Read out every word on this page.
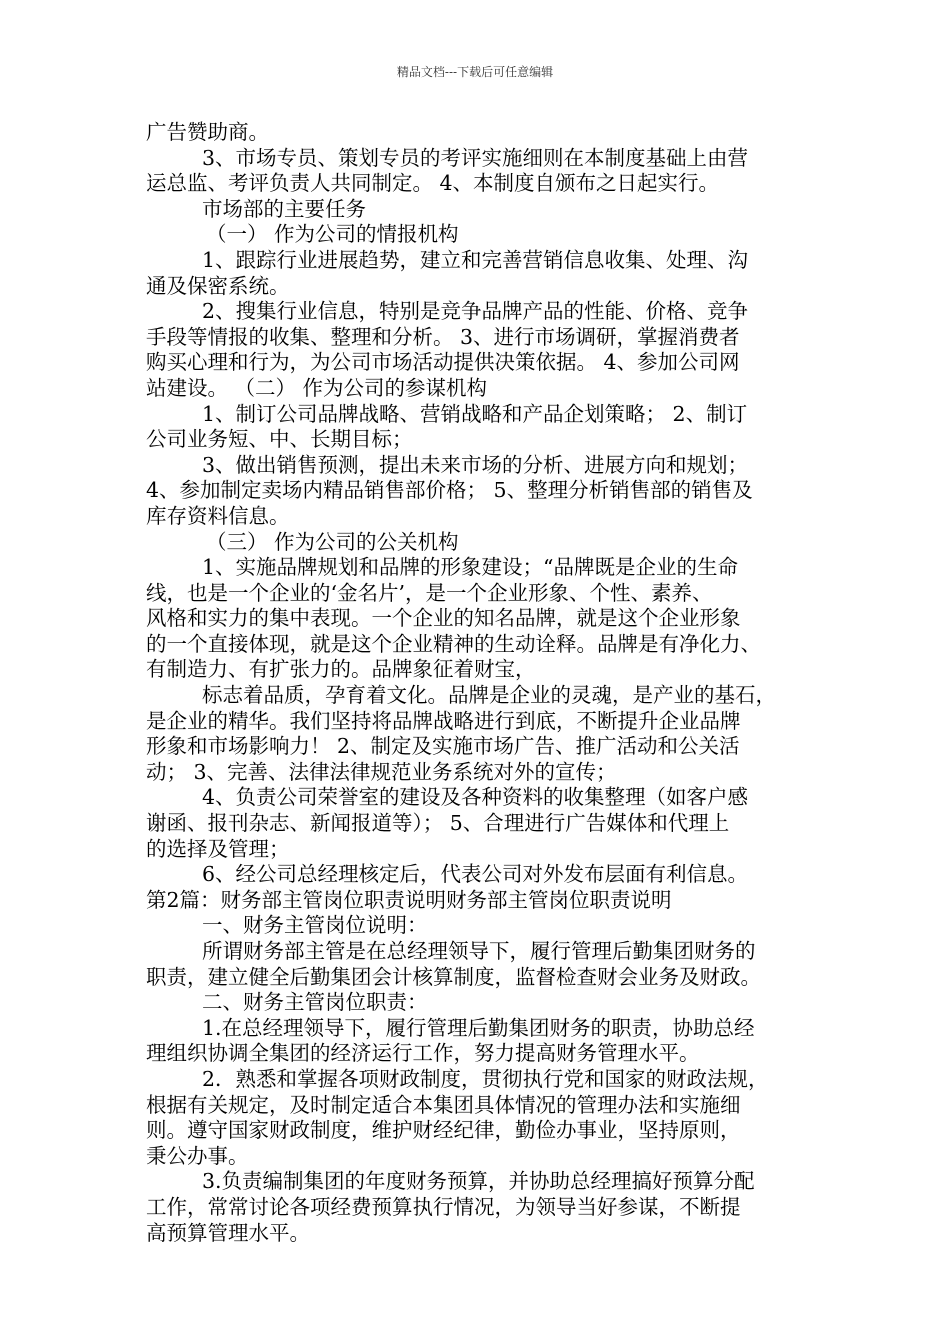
精品文档---下载后可任意编辑
广告赞助商。
3、市场专员、策划专员的考评实施细则在本制度基础上由营
运总监、考评负责人共同制定。 4、本制度自颁布之日起实行。
市场部的主要任务
（一） 作为公司的情报机构
1、跟踪行业进展趋势，建立和完善营销信息收集、处理、沟
通及保密系统。
2、搜集行业信息，特别是竞争品牌产品的性能、价格、竞争
手段等情报的收集、整理和分析。 3、进行市场调研，掌握消费者
购买心理和行为，为公司市场活动提供决策依据。 4、参加公司网
站建设。 （二） 作为公司的参谋机构
1、制订公司品牌战略、营销战略和产品企划策略； 2、制订
公司业务短、中、长期目标；
3、做出销售预测，提出未来市场的分析、进展方向和规划；
4、参加制定卖场内精品销售部价格； 5、整理分析销售部的销售及
库存资料信息。
（三） 作为公司的公关机构
1、实施品牌规划和品牌的形象建设；“品牌既是企业的生命
线，也是一个企业的‘金名片’，是一个企业形象、个性、素养、
风格和实力的集中表现。一个企业的知名品牌，就是这个企业形象
的一个直接体现，就是这个企业精神的生动诠释。品牌是有净化力、
有制造力、有扩张力的。品牌象征着财宝，
标志着品质，孕育着文化。品牌是企业的灵魂，是产业的基石，
是企业的精华。我们坚持将品牌战略进行到底，不断提升企业品牌
形象和市场影响力！ 2、制定及实施市场广告、推广活动和公关活
动； 3、完善、法律法律规范业务系统对外的宣传；
4、负责公司荣誉室的建设及各种资料的收集整理（如客户感
谢函、报刊杂志、新闻报道等）； 5、合理进行广告媒体和代理上
的选择及管理；
6、经公司总经理核定后，代表公司对外发布层面有利信息。
第2篇：财务部主管岗位职责说明财务部主管岗位职责说明
一、财务主管岗位说明：
所谓财务部主管是在总经理领导下，履行管理后勤集团财务的
职责，建立健全后勤集团会计核算制度，监督检查财会业务及财政。
二、财务主管岗位职责：
1.在总经理领导下，履行管理后勤集团财务的职责，协助总经
理组织协调全集团的经济运行工作，努力提高财务管理水平。
2．熟悉和掌握各项财政制度，贯彻执行党和国家的财政法规，
根据有关规定，及时制定适合本集团具体情况的管理办法和实施细
则。遵守国家财政制度，维护财经纪律，勤俭办事业，坚持原则，
秉公办事。
3.负责编制集团的年度财务预算，并协助总经理搞好预算分配
工作，常常讨论各项经费预算执行情况，为领导当好参谋，不断提
高预算管理水平。
